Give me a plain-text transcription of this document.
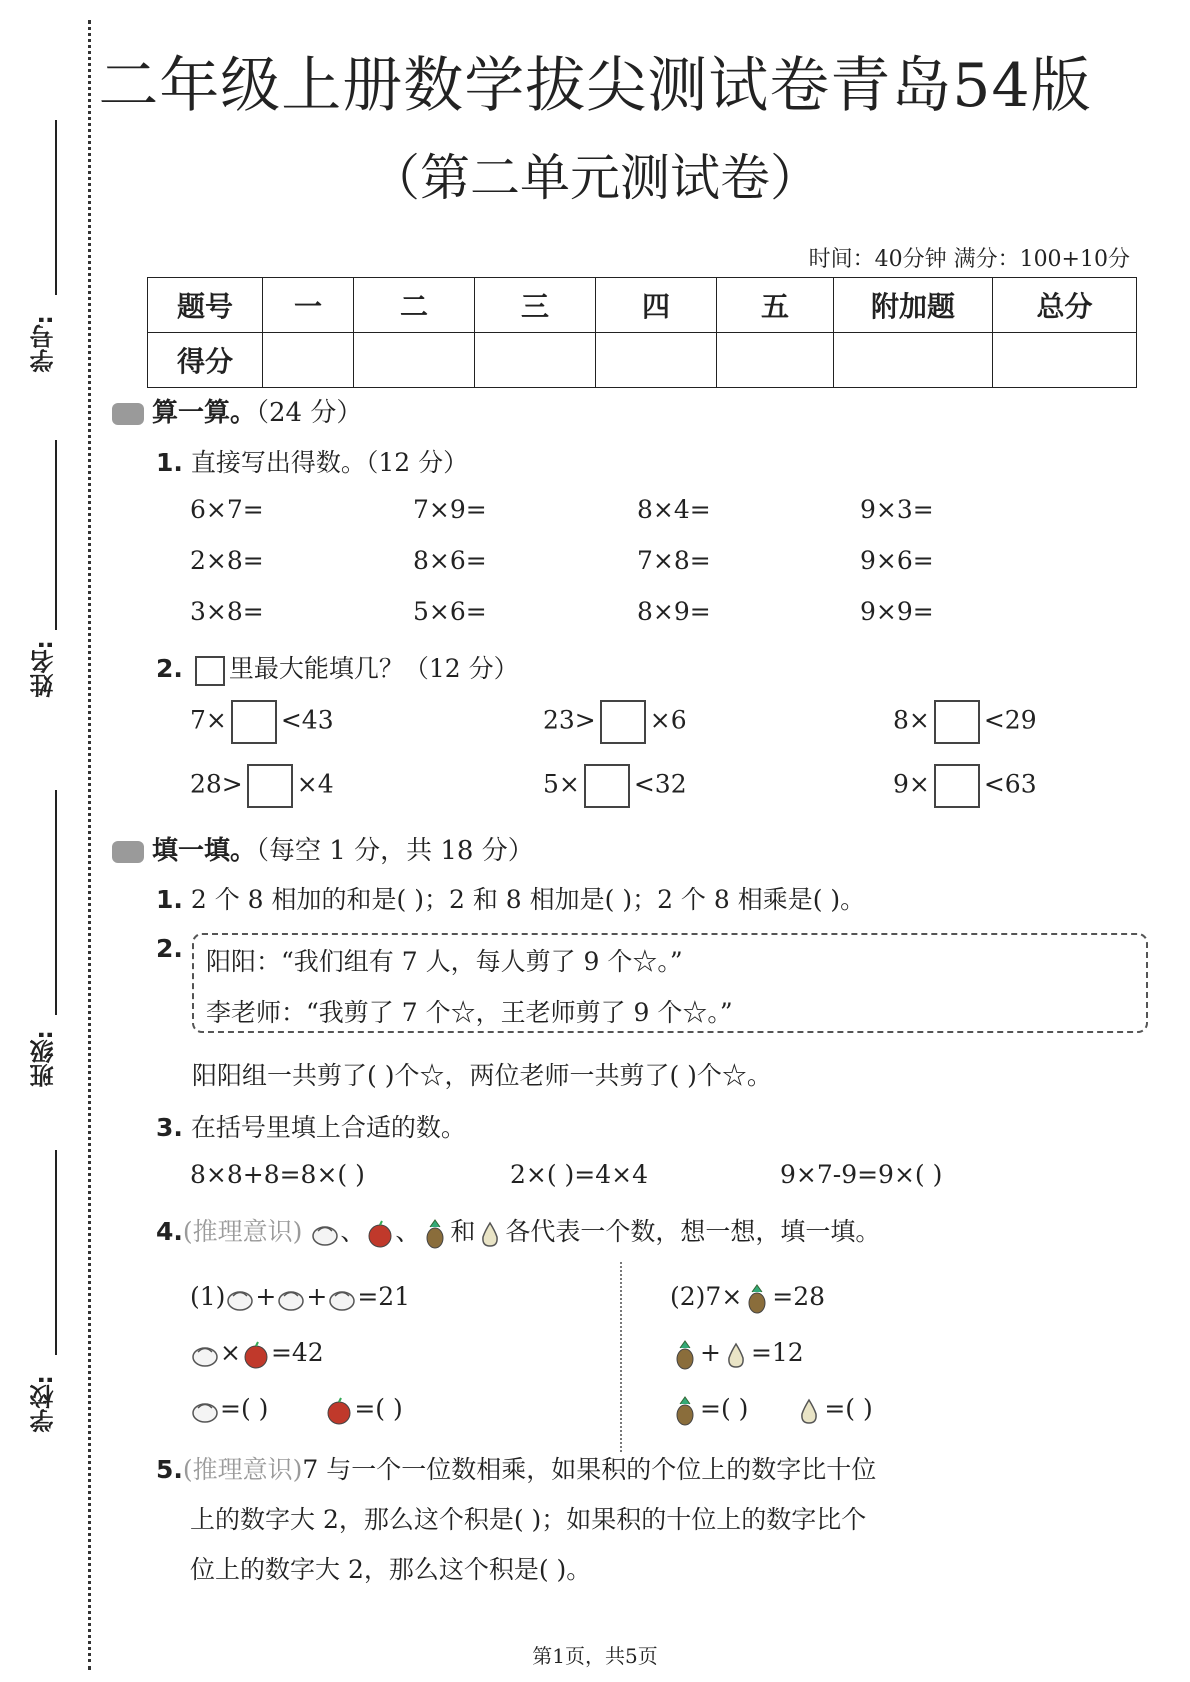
学号:
姓名:
班级:
学校:
二年级上册数学拔尖测试卷青岛54版
（第二单元测试卷）
时间：40分钟 满分：100+10分
题号	一	二	三	四	五	附加题	总分
得分							
算一算。（24 分）
1. 直接写出得数。（12 分）
6×7=	7×9=	8×4=	9×3=
2×8=	8×6=	7×8=	9×6=
3×8=	5×6=	8×9=	9×9=
2. 里最大能填几？（12 分）
7× <43	23> ×6	8× <29
28> ×4	5× <32	9× <63
填一填。（每空 1 分，共 18 分）
1. 2 个 8 相加的和是( )；2 和 8 相加是( )；2 个 8 相乘是( )。
2. 阳阳：“我们组有 7 人，每人剪了 9 个☆。”
李老师：“我剪了 7 个☆，王老师剪了 9 个☆。”
阳阳组一共剪了( )个☆，两位老师一共剪了( )个☆。
3. 在括号里填上合适的数。
8×8+8=8×( )	2×( )=4×4	9×7-9=9×( )
4.(推理意识) 、 、 和 各代表一个数，想一想，填一填。
(1) + + =21
× =42
=( )	=( )
(2)7× =28
+ =12
=( )	=( )
5.(推理意识)7 与一个一位数相乘，如果积的个位上的数字比十位
上的数字大 2，那么这个积是( )；如果积的十位上的数字比个
位上的数字大 2，那么这个积是( )。
第1页，共5页
